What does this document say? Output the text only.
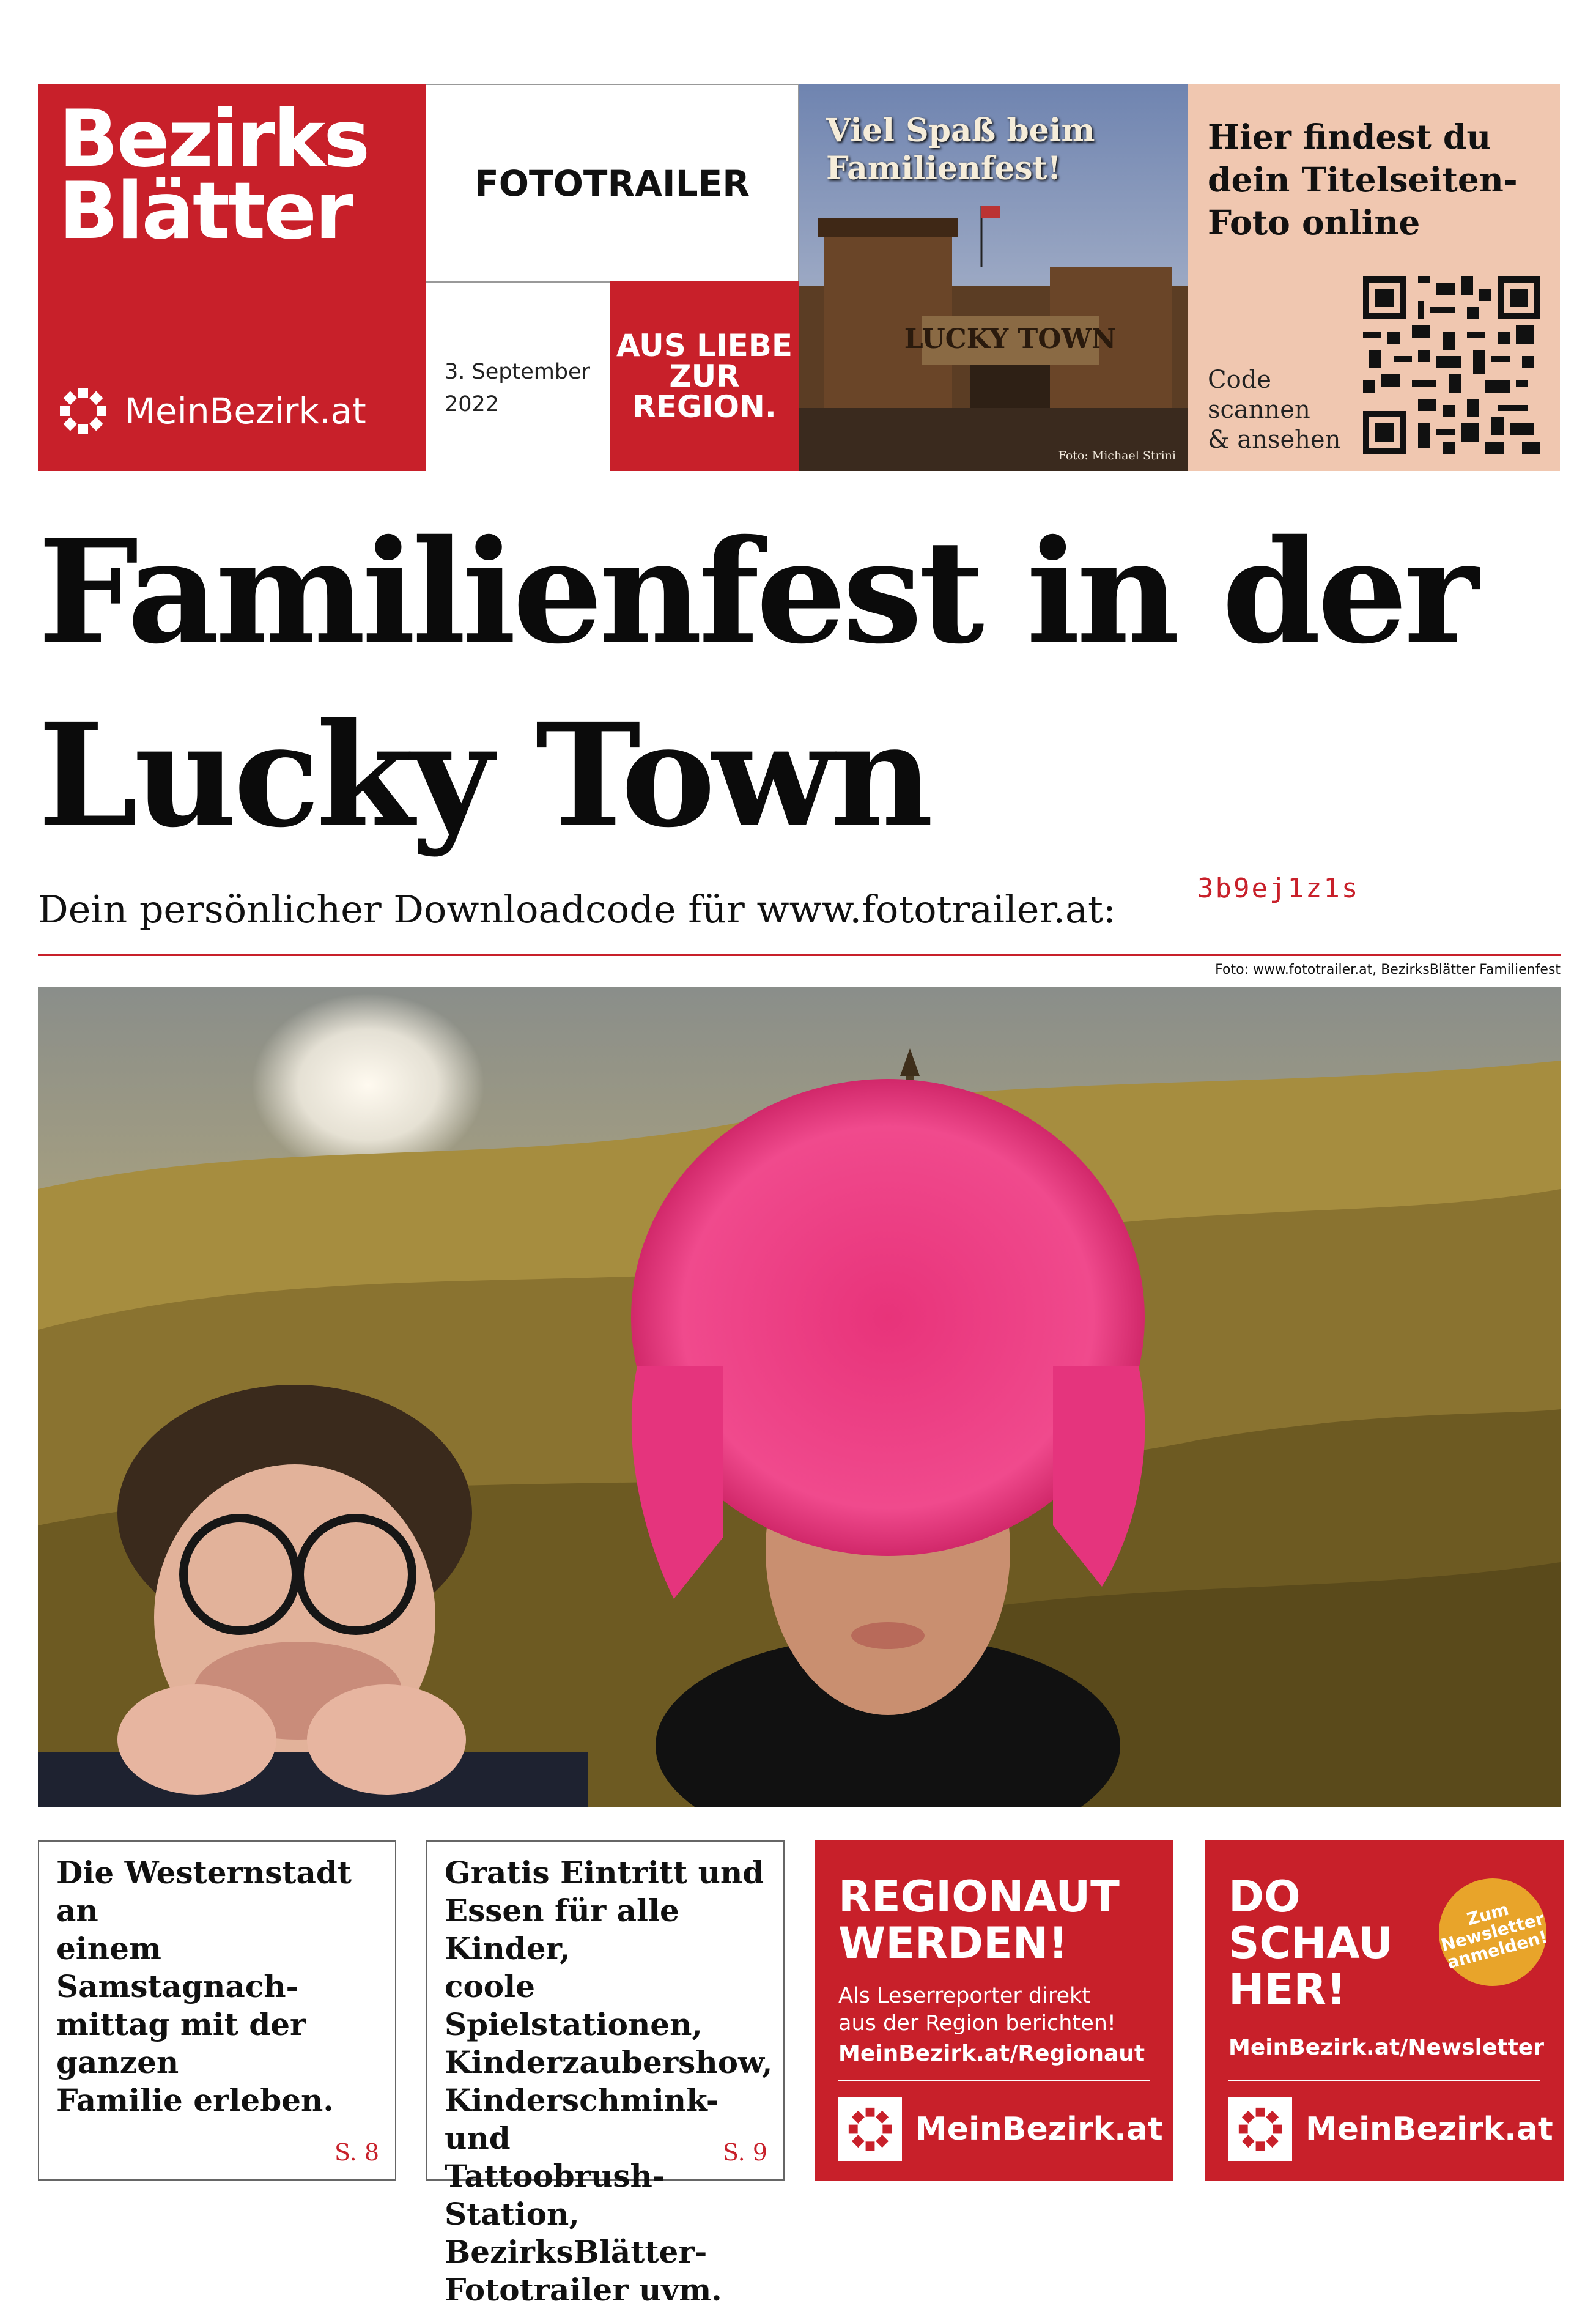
Bezirks
Blätter
MeinBezirk.at
FOTOTRAILER
3. September
2022
AUS LIEBE
ZUR
REGION.
LUCKY TOWN
Viel Spaß beim
Familienfest!
Foto: Michael Strini
Hier findest du
dein Titelseiten-
Foto online
Code
scannen
& ansehen
Familienfest in der
Lucky Town
Dein persönlicher Downloadcode für www.fototrailer.at:	3b9ej1z1s
Foto: www.fototrailer.at, BezirksBlätter Familienfest
Die Westernstadt an
einem Samstagnach-
mittag mit der ganzen
Familie erleben.
S. 8
Gratis Eintritt und
Essen für alle Kinder,
coole Spielstationen,
Kinderzaubershow,
Kinderschmink- und
Tattoobrush-Station,
BezirksBlätter-
Fototrailer uvm.
S. 9
REGIONAUT
WERDEN!
Als Leserreporter direkt
aus der Region berichten!
MeinBezirk.at/Regionaut
MeinBezirk.at
DO
SCHAU
HER!
Zum
Newsletter
anmelden!
MeinBezirk.at/Newsletter
MeinBezirk.at
